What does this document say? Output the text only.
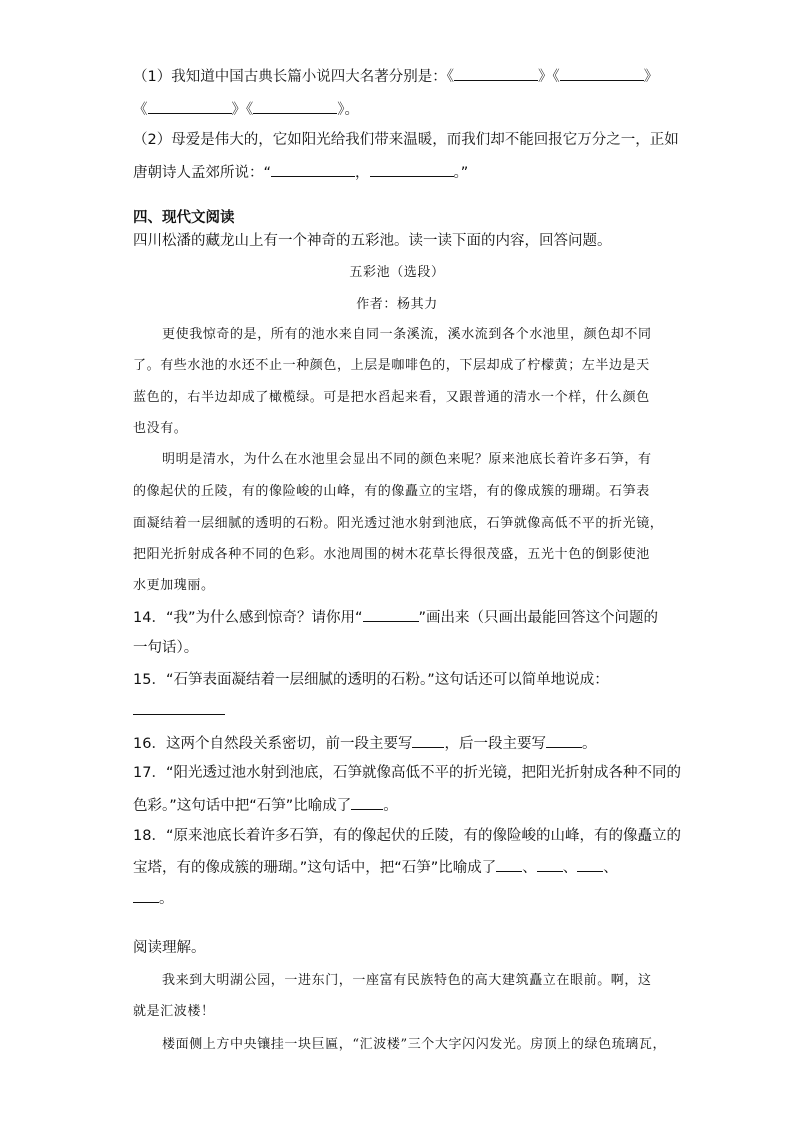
（1）我知道中国古典长篇小说四大名著分别是：《	》《	》
《	》《	》。
（2）母爱是伟大的，它如阳光给我们带来温暖，而我们却不能回报它万分之一，正如
唐朝诗人孟郊所说：“	，	。”
四、现代文阅读
四川松潘的藏龙山上有一个神奇的五彩池。读一读下面的内容，回答问题。
五彩池（选段）
作者：杨其力
更使我惊奇的是，所有的池水来自同一条溪流，溪水流到各个水池里，颜色却不同
了。有些水池的水还不止一种颜色，上层是咖啡色的，下层却成了柠檬黄；左半边是天
蓝色的，右半边却成了橄榄绿。可是把水舀起来看，又跟普通的清水一个样，什么颜色
也没有。
明明是清水，为什么在水池里会显出不同的颜色来呢？原来池底长着许多石笋，有
的像起伏的丘陵，有的像险峻的山峰，有的像矗立的宝塔，有的像成簇的珊瑚。石笋表
面凝结着一层细腻的透明的石粉。阳光透过池水射到池底，石笋就像高低不平的折光镜，
把阳光折射成各种不同的色彩。水池周围的树木花草长得很茂盛，五光十色的倒影使池
水更加瑰丽。
14．“我”为什么感到惊奇？请你用“	”画出来（只画出最能回答这个问题的
一句话）。
15．“石笋表面凝结着一层细腻的透明的石粉。”这句话还可以简单地说成：
16．这两个自然段关系密切，前一段主要写 ，后一段主要写 。
17．“阳光透过池水射到池底，石笋就像高低不平的折光镜，把阳光折射成各种不同的
色彩。”这句话中把“石笋”比喻成了 。
18．“原来池底长着许多石笋，有的像起伏的丘陵，有的像险峻的山峰，有的像矗立的
宝塔，有的像成簇的珊瑚。”这句话中，把“石笋”比喻成了 、 、 、
。
阅读理解。
我来到大明湖公园，一进东门，一座富有民族特色的高大建筑矗立在眼前。啊，这
就是汇波楼！
楼面侧上方中央镶挂一块巨匾，“汇波楼”三个大字闪闪发光。房顶上的绿色琉璃瓦，
